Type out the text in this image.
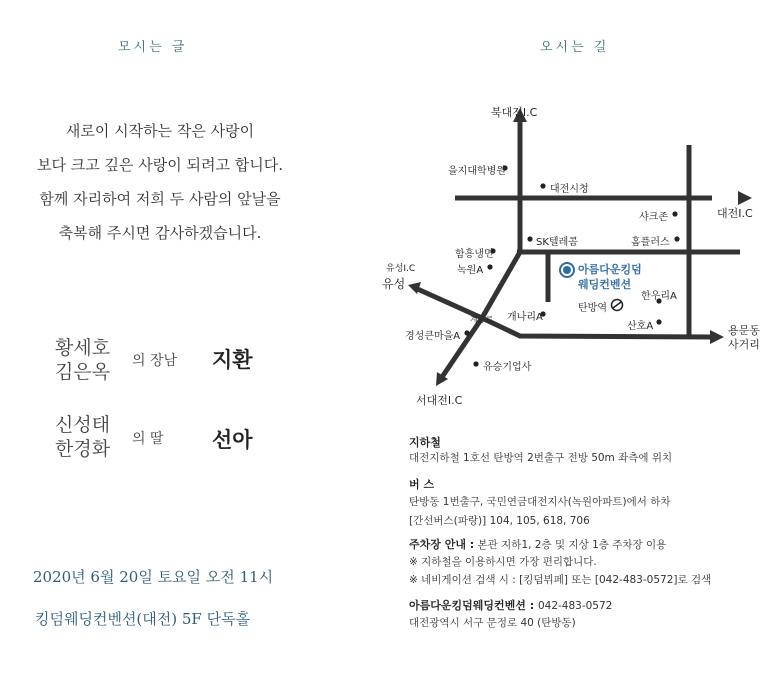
모시는 글
새로이 시작하는 작은 사랑이
보다 크고 깊은 사랑이 되려고 합니다.
함께 자리하여 저희 두 사람의 앞날을
축복해 주시면 감사하겠습니다.
황세호
김은옥 의 장남 지환
신성태
한경화 의 딸 선아
2020년 6월 20일 토요일 오전 11시
킹덤웨딩컨벤션(대전) 5F 단독홀
오시는 길
북대전I.C
을지대학병원
대전시청
샤크존	대전I.C
홈플러스
SK텔레콤
함흥냉면
녹원A
유성I.C
유성
아름다운킹덤
웨딩컨벤션
한우리A
탄방역
개나리A
계룡로
산호A	용문동
사거리
경성큰마을A
유승기업사
서대전I.C
지하철
대전지하철 1호선 탄방역 2번출구 전방 50m 좌측에 위치
버 스
탄방동 1번출구, 국민연금대전지사(녹원아파트)에서 하차
[간선버스(파랑)] 104, 105, 618, 706
주차장 안내 : 본관 지하1, 2층 및 지상 1층 주차장 이용
※ 지하철을 이용하시면 가장 편리합니다.
※ 네비게이션 검색 시 : [킹덤뷔페] 또는 [042-483-0572]로 검색
아름다운킹덤웨딩컨벤션 : 042-483-0572
대전광역시 서구 문정로 40 (탄방동)
